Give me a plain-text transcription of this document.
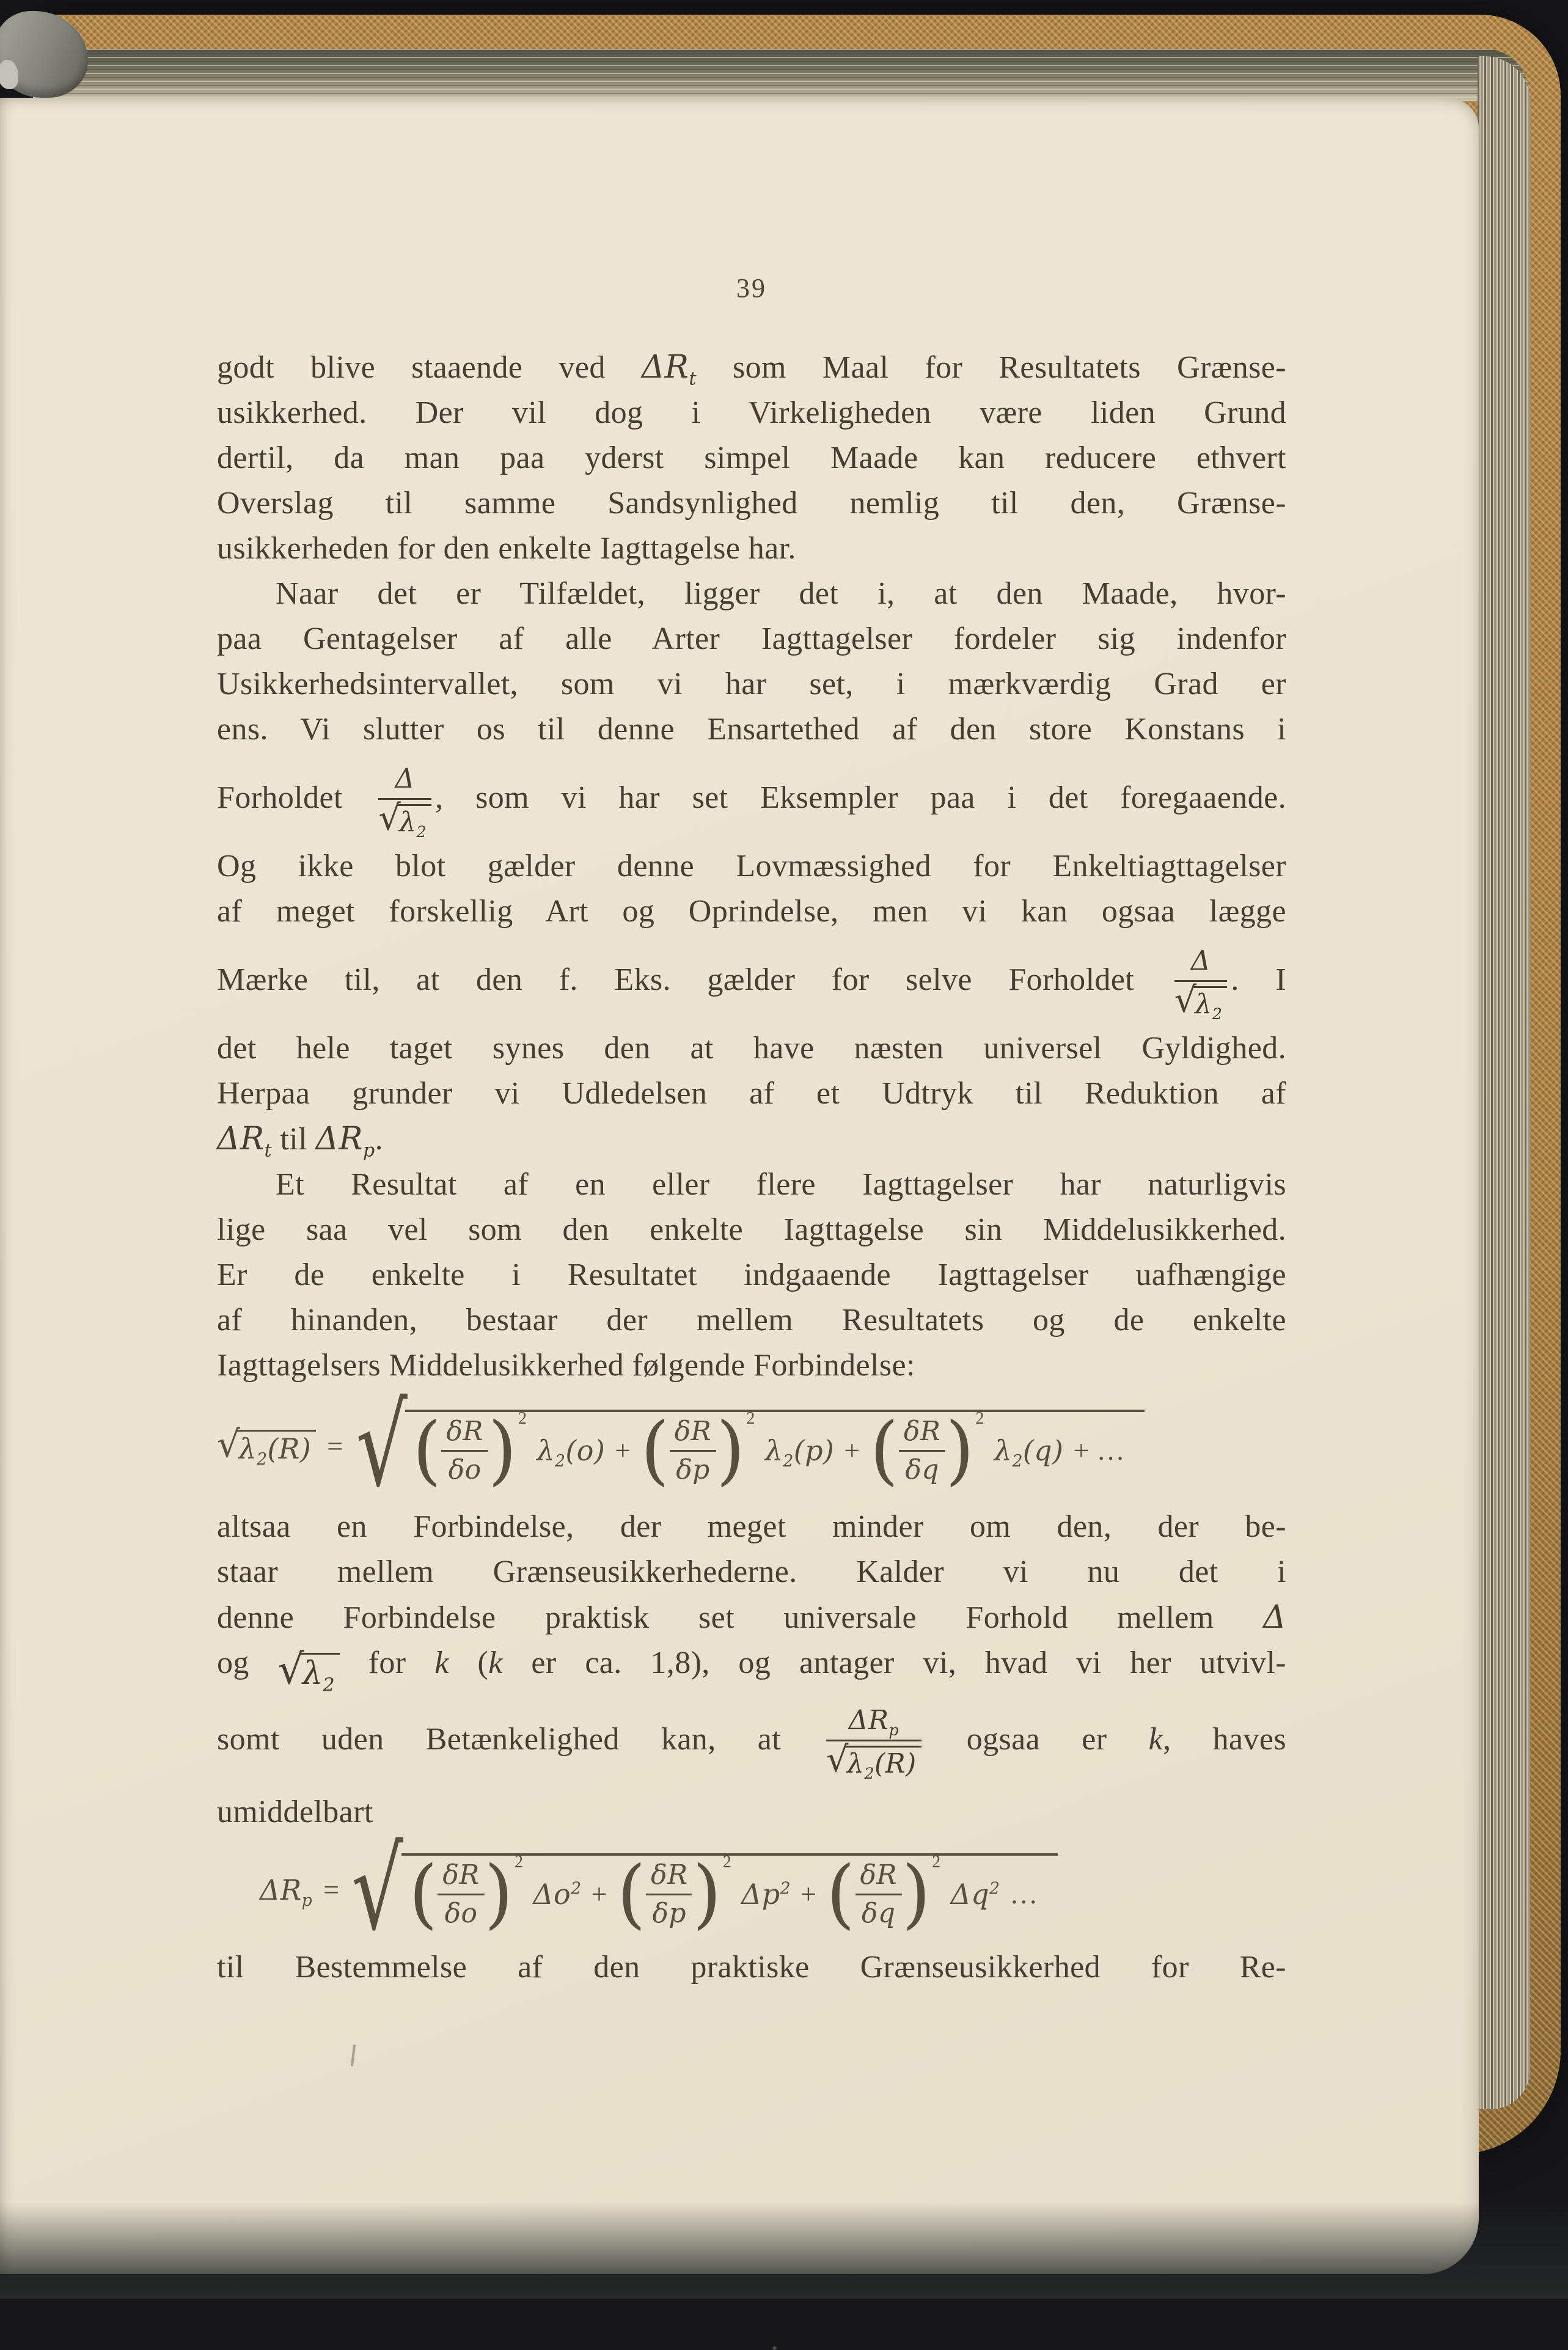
39
godt blive staaende ved $\Delta R_t$ som Maal for Resultatets Grænse-
usikkerhed. Der vil dog i Virkeligheden være liden Grund
dertil, da man paa yderst simpel Maade kan reducere ethvert
Overslag til samme Sandsynlighed nemlig til den, Grænse-
usikkerheden for den enkelte Iagttagelse har.
Naar det er Tilfældet, ligger det i, at den Maade, hvor-
paa Gentagelser af alle Arter Iagttagelser fordeler sig indenfor
Usikkerhedsintervallet, som vi har set, i mærkværdig Grad er
ens. Vi slutter os til denne Ensartethed af den store Konstans i
Forholdet Δ
√
$\lambda_2$ , som vi har set Eksempler paa i det foregaaende.
Og ikke blot gælder denne Lovmæssighed for Enkeltiagttagelser
af meget forskellig Art og Oprindelse, men vi kan ogsaa lægge
Mærke til, at den f. Eks. gælder for selve Forholdet Δ
√
$\lambda_2$ . I
det hele taget synes den at have næsten universel Gyldighed.
Herpaa grunder vi Udledelsen af et Udtryk til Reduktion af
$\Delta R_t$ til $\Delta R_p$.
Et Resultat af en eller flere Iagttagelser har naturligvis
lige saa vel som den enkelte Iagttagelse sin Middelusikkerhed.
Er de enkelte i Resultatet indgaaende Iagttagelser uafhængige
af hinanden, bestaar der mellem Resultatets og de enkelte
Iagttagelsers Middelusikkerhed følgende Forbindelse:
√
$\lambda_2(R)$ = √ ( δR
δo ) 2
$\lambda_2(o)$ + ( δR
δp ) 2
$\lambda_2(p)$ + ( δR
δq ) 2
$\lambda_2(q)$ + …
altsaa en Forbindelse, der meget minder om den, der be-
staar mellem Grænseusikkerhederne. Kalder vi nu det i
denne Forbindelse praktisk set universale Forhold mellem Δ
og √
$\lambda_2$
for k (k er ca. 1,8), og antager vi, hvad vi her utvivl-
somt uden Betænkelighed kan, at
$\Delta R_p$
√
$\lambda_2(R)$
ogsaa er k, haves
umiddelbart
$\Delta R_p$ = √ ( δR
δo ) 2
$\Delta o^2$ + ( δR
δp ) 2
$\Delta p^2$ + ( δR
δq ) 2
$\Delta q^2$ …
til Bestemmelse af den praktiske Grænseusikkerhed for Re-
